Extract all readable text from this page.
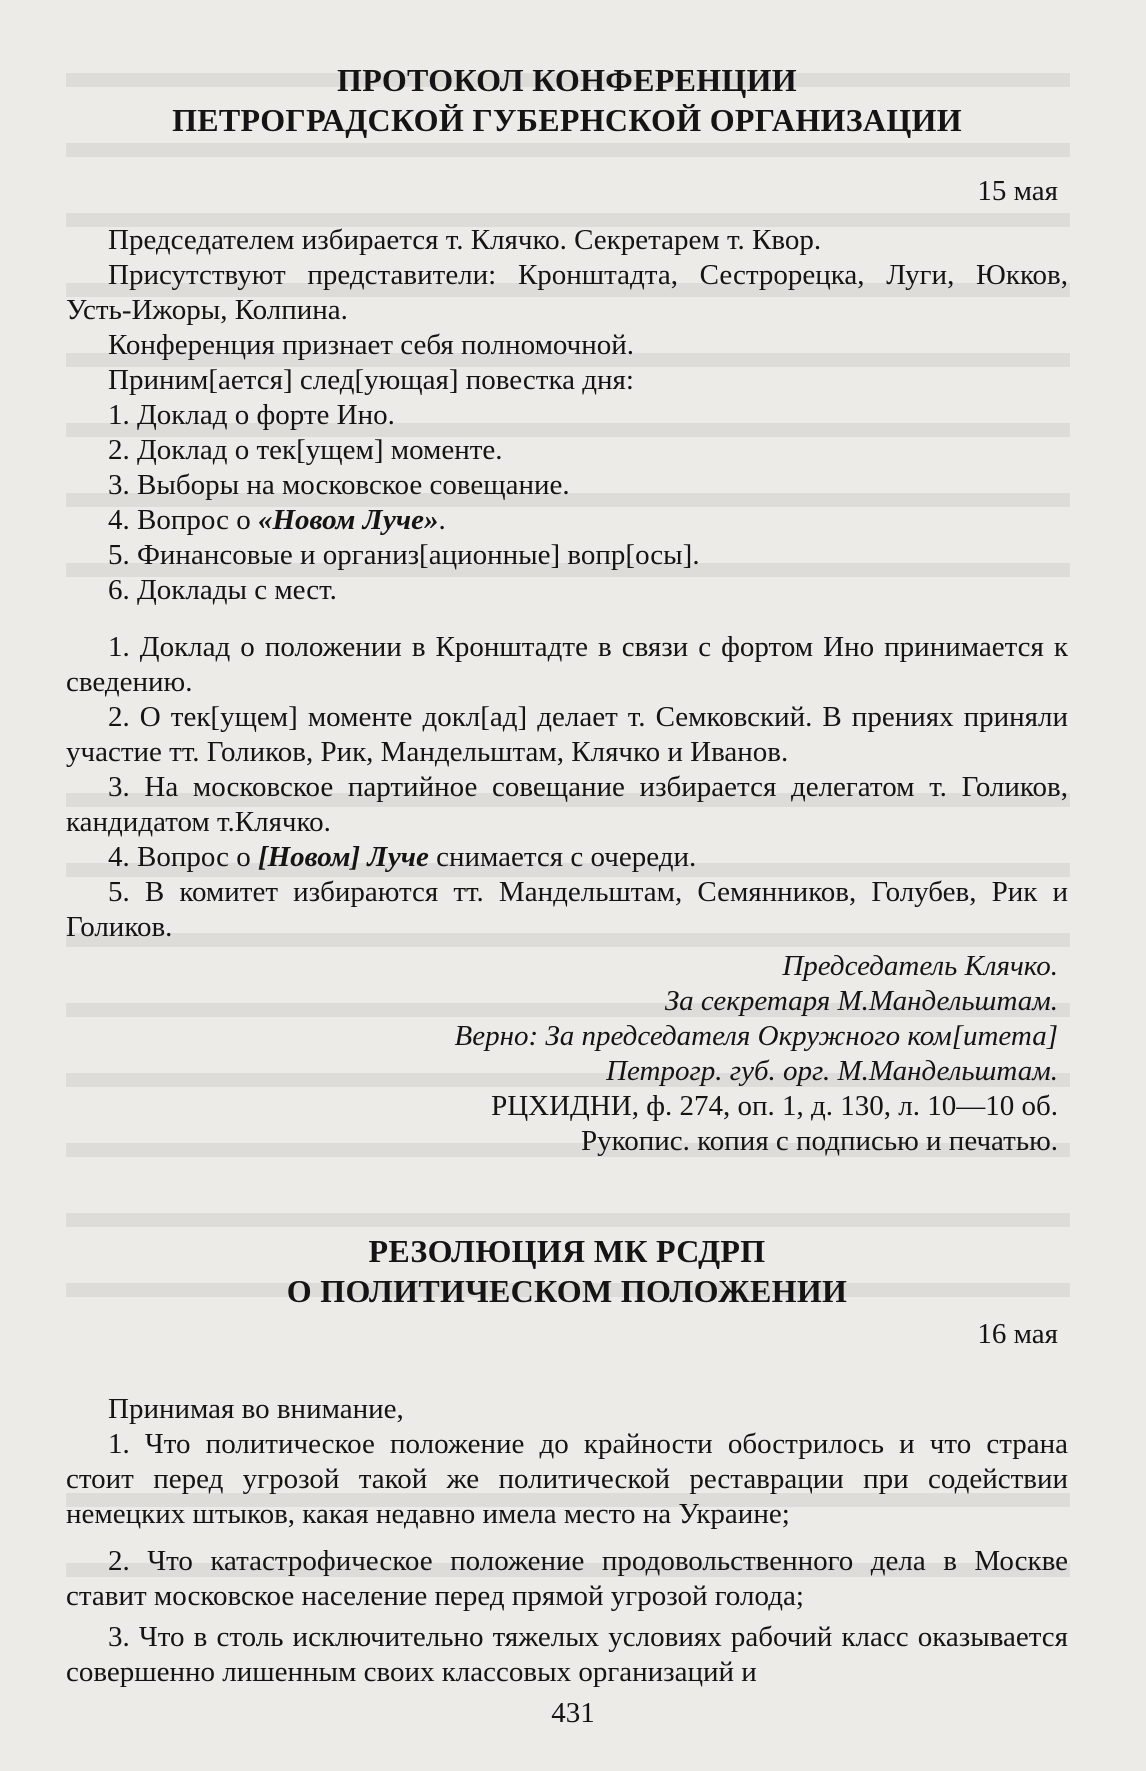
ПРОТОКОЛ КОНФЕРЕНЦИИ
ПЕТРОГРАДСКОЙ ГУБЕРНСКОЙ ОРГАНИЗАЦИИ
15 мая

Председателем избирается т. Клячко. Секретарем т. Квор.

Присутствуют представители: Кронштадта, Сестрорецка, Луги, Юкков, Усть-Ижоры, Колпина.

Конференция признает себя полномочной.

Приним[ается] след[ующая] повестка дня:

1. Доклад о форте Ино.

2. Доклад о тек[ущем] моменте.

3. Выборы на московское совещание.

4. Вопрос о «Новом Луче».

5. Финансовые и организ[ационные] вопр[осы].

6. Доклады с мест.

1. Доклад о положении в Кронштадте в связи с фортом Ино принимается к сведению.

2. О тек[ущем] моменте докл[ад] делает т. Семковский. В прениях приняли участие тт. Голиков, Рик, Мандельштам, Клячко и Иванов.

3. На московское партийное совещание избирается делегатом т. Голиков, кандидатом т.Клячко.

4. Вопрос о [Новом] Луче снимается с очереди.

5. В комитет избираются тт. Мандельштам, Семянников, Голубев, Рик и Голиков.

Председатель Клячко.

За секретаря М.Мандельштам.

Верно: За председателя Окружного ком[итета]

Петрогр. губ. орг. М.Мандельштам.

РЦХИДНИ, ф. 274, оп. 1, д. 130, л. 10—10 об.

Рукопис. копия с подписью и печатью.

РЕЗОЛЮЦИЯ МК РСДРП
О ПОЛИТИЧЕСКОМ ПОЛОЖЕНИИ
16 мая

Принимая во внимание,

1. Что политическое положение до крайности обострилось и что страна стоит перед угрозой такой же политической реставрации при содействии немецких штыков, какая недавно имела место на Украине;

2. Что катастрофическое положение продовольственного дела в Москве ставит московское население перед прямой угрозой голода;

3. Что в столь исключительно тяжелых условиях рабочий класс оказывается совершенно лишенным своих классовых организаций и

431
